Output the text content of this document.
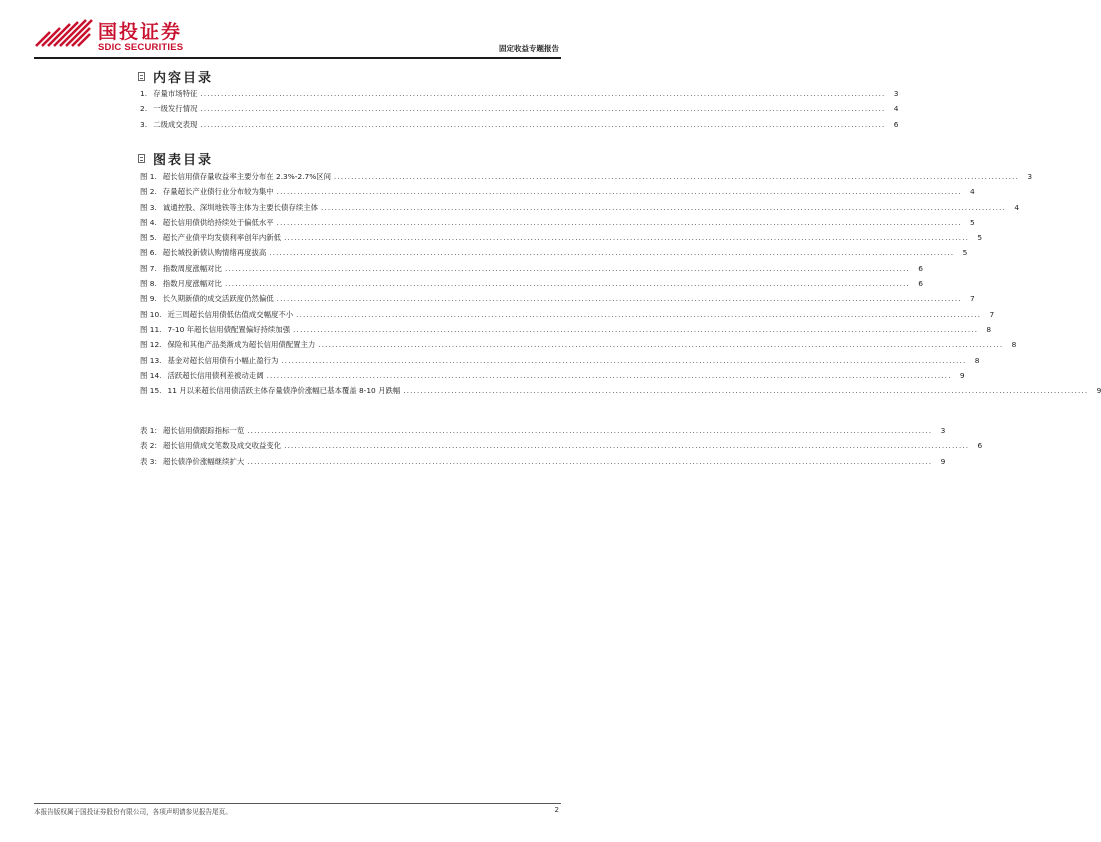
国投证券
SDIC SECURITIES	固定收益专题报告
内容目录
1. 存量市场特征 ........................................................................................................................................................................................................	3
2. 一级发行情况 ........................................................................................................................................................................................................	4
3. 二级成交表现 ........................................................................................................................................................................................................	6
图表目录
图 1. 超长信用债存量收益率主要分布在 2.3%-2.7%区间 ........................................................................................................................................................................................................	3
图 2. 存量超长产业债行业分布较为集中 ........................................................................................................................................................................................................	4
图 3. 诚通控股、深圳地铁等主体为主要长债存续主体 ........................................................................................................................................................................................................	4
图 4. 超长信用债供给持续处于偏低水平 ........................................................................................................................................................................................................	5
图 5. 超长产业债平均发债利率创年内新低 ........................................................................................................................................................................................................	5
图 6. 超长城投新债认购情绪再度拔高 ........................................................................................................................................................................................................	5
图 7. 指数周度涨幅对比 ........................................................................................................................................................................................................	6
图 8. 指数月度涨幅对比 ........................................................................................................................................................................................................	6
图 9. 长久期新债的成交活跃度仍然偏低 ........................................................................................................................................................................................................	7
图 10. 近三周超长信用债低估值成交幅度不小 ........................................................................................................................................................................................................	7
图 11. 7-10 年超长信用债配置偏好持续加强 ........................................................................................................................................................................................................	8
图 12. 保险和其他产品类渐成为超长信用债配置主力 ........................................................................................................................................................................................................	8
图 13. 基金对超长信用债有小幅止盈行为 ........................................................................................................................................................................................................	8
图 14. 活跃超长信用债利差被动走阔 ........................................................................................................................................................................................................	9
图 15. 11 月以来超长信用债活跃主体存量债净价涨幅已基本覆盖 8-10 月跌幅 ........................................................................................................................................................................................................	9
表 1: 超长信用债跟踪指标一览 ........................................................................................................................................................................................................	3
表 2: 超长信用债成交笔数及成交收益变化 ........................................................................................................................................................................................................	6
表 3: 超长债净价涨幅继续扩大 ........................................................................................................................................................................................................	9
本报告版权属于国投证券股份有限公司，各项声明请参见报告尾页。	2
